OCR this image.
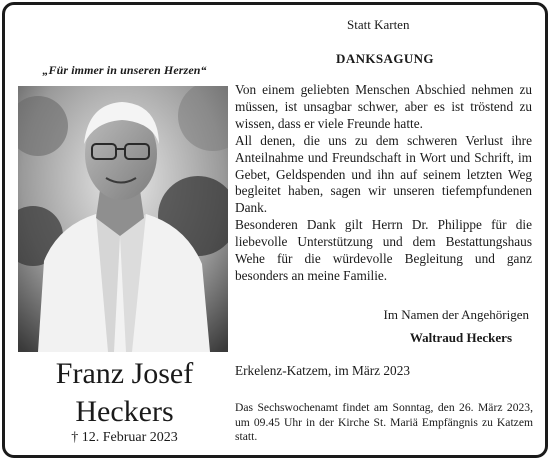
„Für immer in unseren Herzen“
Franz Josef
Heckers
† 12. Februar 2023
Statt Karten
DANKSAGUNG

Von einem geliebten Menschen Abschied nehmen zu müssen, ist unsagbar schwer, aber es ist tröstend zu wissen, dass er viele Freunde hatte.

All denen, die uns zu dem schweren Verlust ihre Anteilnahme und Freundschaft in Wort und Schrift, im Gebet, Geldspenden und ihn auf seinem letzten Weg begleitet haben, sagen wir unseren tiefempfundenen Dank.

Besonderen Dank gilt Herrn Dr. Philippe für die liebevolle Unterstützung und dem Bestattungshaus Wehe für die würdevolle Begleitung und ganz besonders an meine Familie.

Im Namen der Angehörigen
Waltraud Heckers
Erkelenz-Katzem, im März 2023
Das Sechswochenamt findet am Sonntag, den 26. März 2023, um 09.45 Uhr in der Kirche St. Mariä Empfängnis zu Katzem statt.
